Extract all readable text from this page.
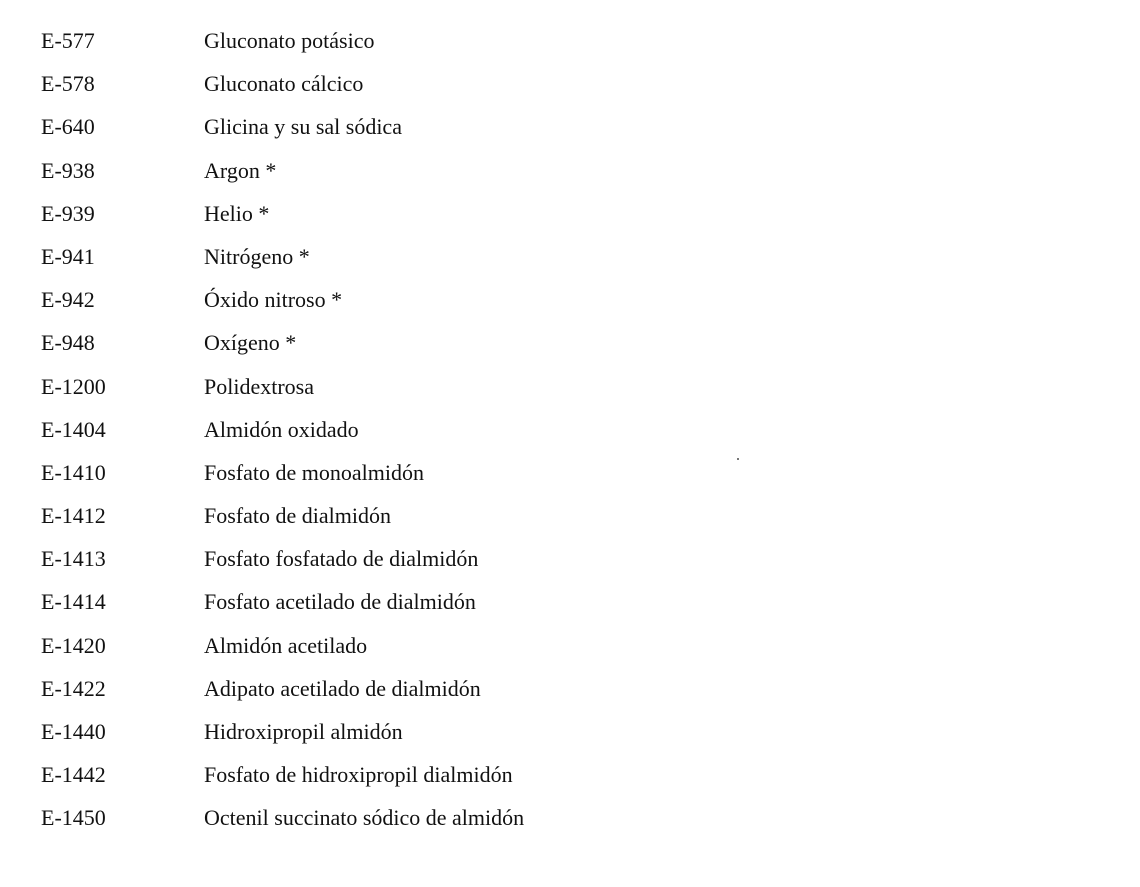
E-577	Gluconato potásico
E-578	Gluconato cálcico
E-640	Glicina y su sal sódica
E-938	Argon *
E-939	Helio *
E-941	Nitrógeno *
E-942	Óxido nitroso *
E-948	Oxígeno *
E-1200	Polidextrosa
E-1404	Almidón oxidado
E-1410	Fosfato de monoalmidón
E-1412	Fosfato de dialmidón
E-1413	Fosfato fosfatado de dialmidón
E-1414	Fosfato acetilado de dialmidón
E-1420	Almidón acetilado
E-1422	Adipato acetilado de dialmidón
E-1440	Hidroxipropil almidón
E-1442	Fosfato de hidroxipropil dialmidón
E-1450	Octenil succinato sódico de almidón
